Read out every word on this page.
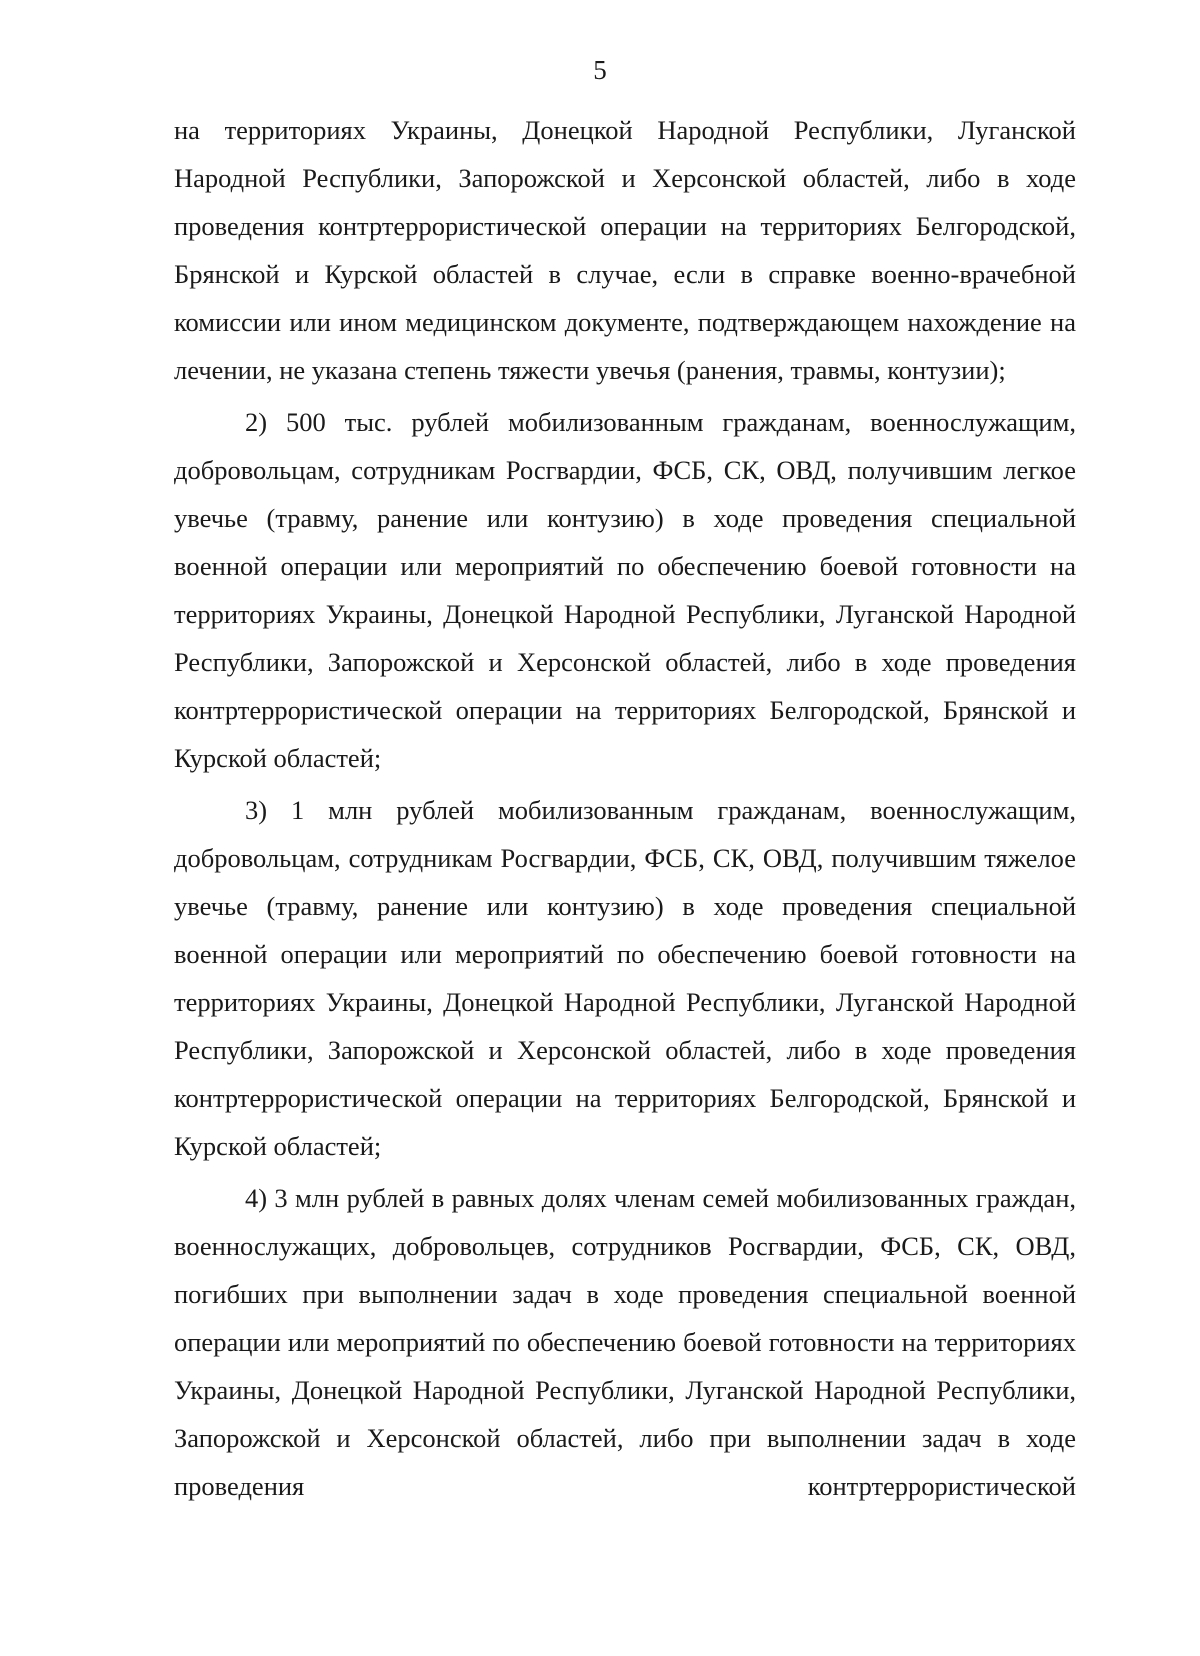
5

на территориях Украины, Донецкой Народной Республики, Луганской Народной Республики, Запорожской и Херсонской областей, либо в ходе проведения контртеррористической операции на территориях Белгородской, Брянской и Курской областей в случае, если в справке военно-врачебной комиссии или ином медицинском документе, подтверждающем нахождение на лечении, не указана степень тяжести увечья (ранения, травмы, контузии);

2) 500 тыс. рублей мобилизованным гражданам, военнослужащим, добровольцам, сотрудникам Росгвардии, ФСБ, СК, ОВД, получившим легкое увечье (травму, ранение или контузию) в ходе проведения специальной военной операции или мероприятий по обеспечению боевой готовности на территориях Украины, Донецкой Народной Республики, Луганской Народной Республики, Запорожской и Херсонской областей, либо в ходе проведения контртеррористической операции на территориях Белгородской, Брянской и Курской областей;

3) 1 млн рублей мобилизованным гражданам, военнослужащим, добровольцам, сотрудникам Росгвардии, ФСБ, СК, ОВД, получившим тяжелое увечье (травму, ранение или контузию) в ходе проведения специальной военной операции или мероприятий по обеспечению боевой готовности на территориях Украины, Донецкой Народной Республики, Луганской Народной Республики, Запорожской и Херсонской областей, либо в ходе проведения контртеррористической операции на территориях Белгородской, Брянской и Курской областей;

4) 3 млн рублей в равных долях членам семей мобилизованных граждан, военнослужащих, добровольцев, сотрудников Росгвардии, ФСБ, СК, ОВД, погибших при выполнении задач в ходе проведения специальной военной операции или мероприятий по обеспечению боевой готовности на территориях Украины, Донецкой Народной Республики, Луганской Народной Республики, Запорожской и Херсонской областей, либо при выполнении задач в ходе проведения контртеррористической
